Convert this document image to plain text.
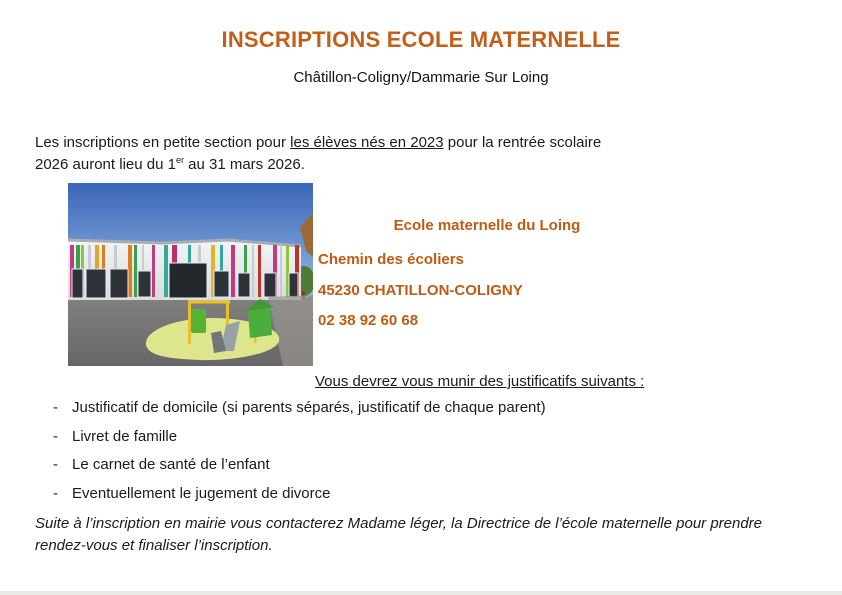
INSCRIPTIONS ECOLE MATERNELLE
Châtillon-Coligny/Dammarie Sur Loing
Les inscriptions en petite section pour les élèves nés en 2023 pour la rentrée scolaire 2026 auront lieu du 1er au 31 mars 2026.
Ecole maternelle du Loing
Chemin des écoliers
45230 CHATILLON-COLIGNY
02 38 92 60 68
Vous devrez vous munir des justificatifs suivants :
- Justificatif de domicile (si parents séparés, justificatif de chaque parent)
- Livret de famille
- Le carnet de santé de l’enfant
- Eventuellement le jugement de divorce
Suite à l’inscription en mairie vous contacterez Madame léger, la Directrice de l’école maternelle pour prendre rendez-vous et finaliser l’inscription.
